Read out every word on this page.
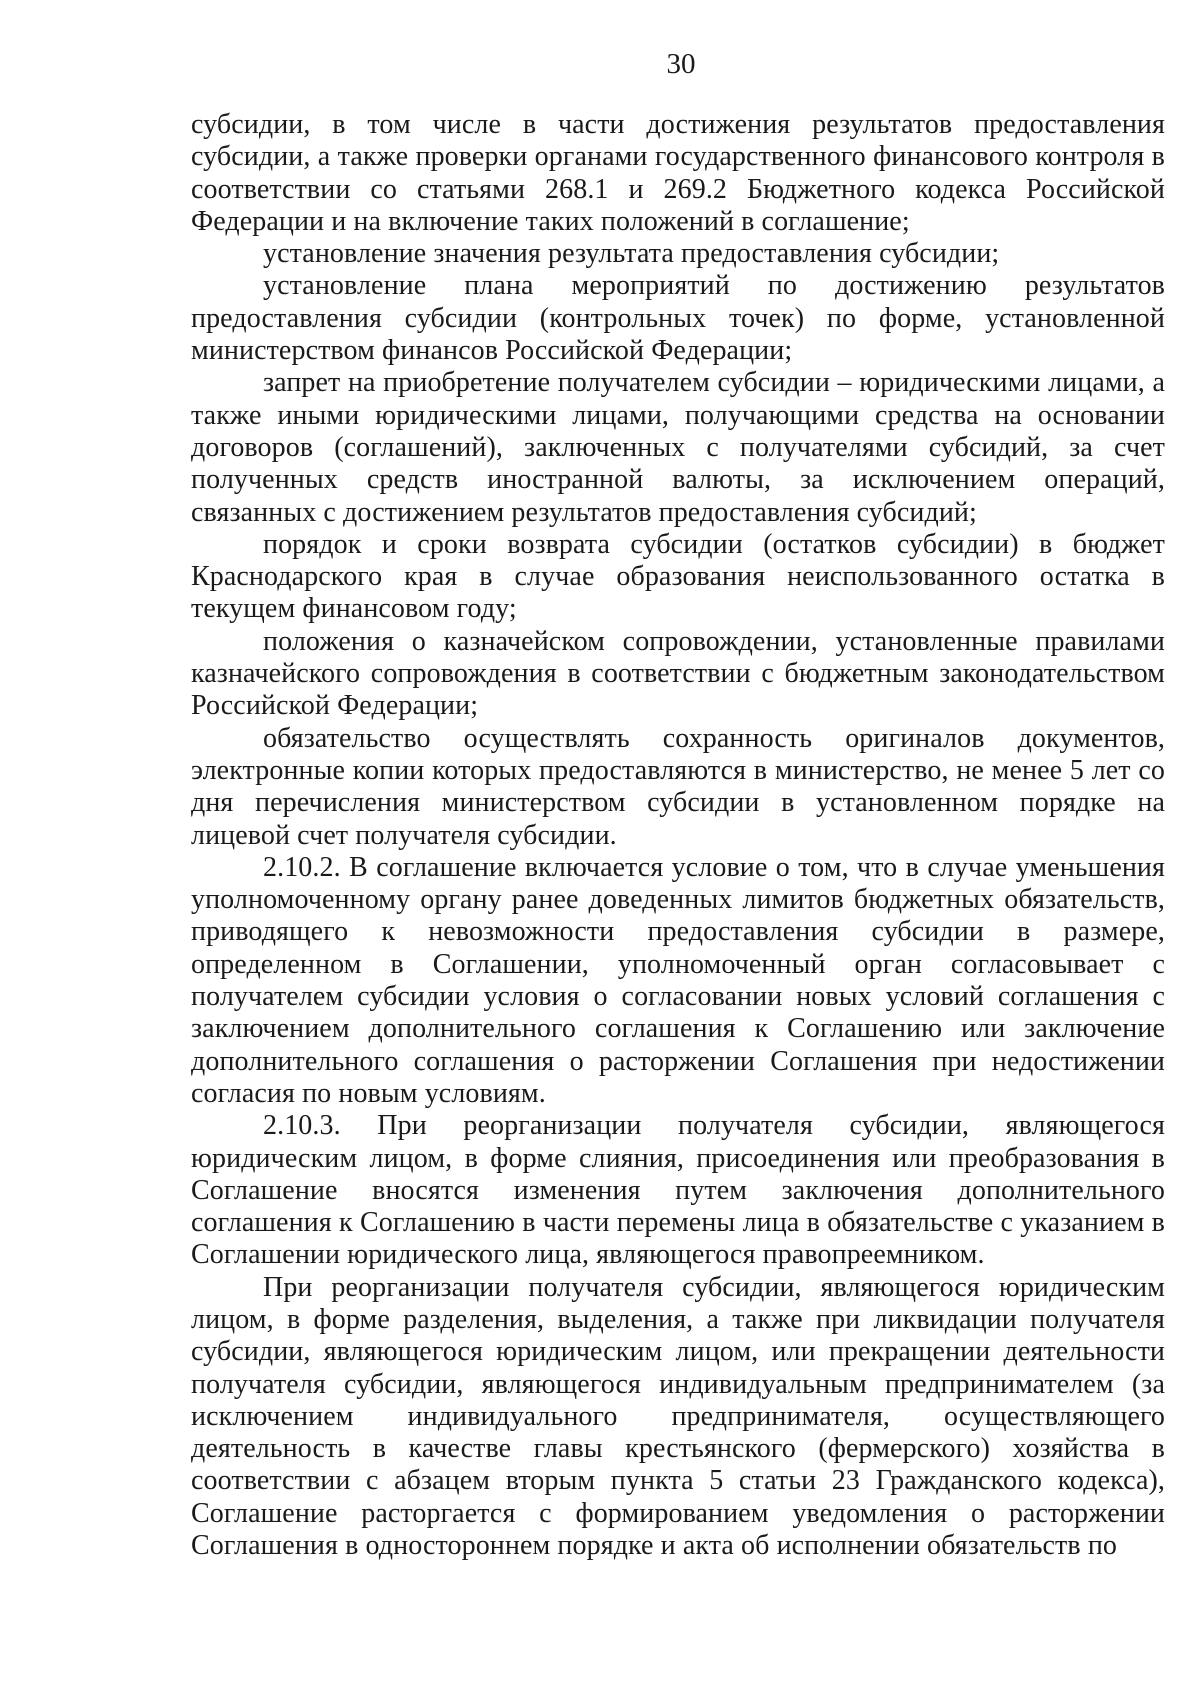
30

субсидии, в том числе в части достижения результатов предоставления субсидии, а также проверки органами государственного финансового контроля в соответствии со статьями 268.1 и 269.2 Бюджетного кодекса Российской Федерации и на включение таких положений в соглашение;

установление значения результата предоставления субсидии;

установление плана мероприятий по достижению результатов предоставления субсидии (контрольных точек) по форме, установленной министерством финансов Российской Федерации;

запрет на приобретение получателем субсидии – юридическими лицами, а также иными юридическими лицами, получающими средства на основании договоров (соглашений), заключенных с получателями субсидий, за счет полученных средств иностранной валюты, за исключением операций, связанных с достижением результатов предоставления субсидий;

порядок и сроки возврата субсидии (остатков субсидии) в бюджет Краснодарского края в случае образования неиспользованного остатка в текущем финансовом году;

положения о казначейском сопровождении, установленные правилами казначейского сопровождения в соответствии с бюджетным законодательством Российской Федерации;

обязательство осуществлять сохранность оригиналов документов, электронные копии которых предоставляются в министерство, не менее 5 лет со дня перечисления министерством субсидии в установленном порядке на лицевой счет получателя субсидии.

2.10.2. В соглашение включается условие о том, что в случае уменьшения уполномоченному органу ранее доведенных лимитов бюджетных обязательств, приводящего к невозможности предоставления субсидии в размере, определенном в Соглашении, уполномоченный орган согласовывает с получателем субсидии условия о согласовании новых условий соглашения с заключением дополнительного соглашения к Соглашению или заключение дополнительного соглашения о расторжении Соглашения при недостижении согласия по новым условиям.

2.10.3. При реорганизации получателя субсидии, являющегося юридическим лицом, в форме слияния, присоединения или преобразования в Соглашение вносятся изменения путем заключения дополнительного соглашения к Соглашению в части перемены лица в обязательстве с указанием в Соглашении юридического лица, являющегося правопреемником.

При реорганизации получателя субсидии, являющегося юридическим лицом, в форме разделения, выделения, а также при ликвидации получателя субсидии, являющегося юридическим лицом, или прекращении деятельности получателя субсидии, являющегося индивидуальным предпринимателем (за исключением индивидуального предпринимателя, осуществляющего деятельность в качестве главы крестьянского (фермерского) хозяйства в соответствии с абзацем вторым пункта 5 статьи 23 Гражданского кодекса), Соглашение расторгается с формированием уведомления о расторжении Соглашения в одностороннем порядке и акта об исполнении обязательств по
